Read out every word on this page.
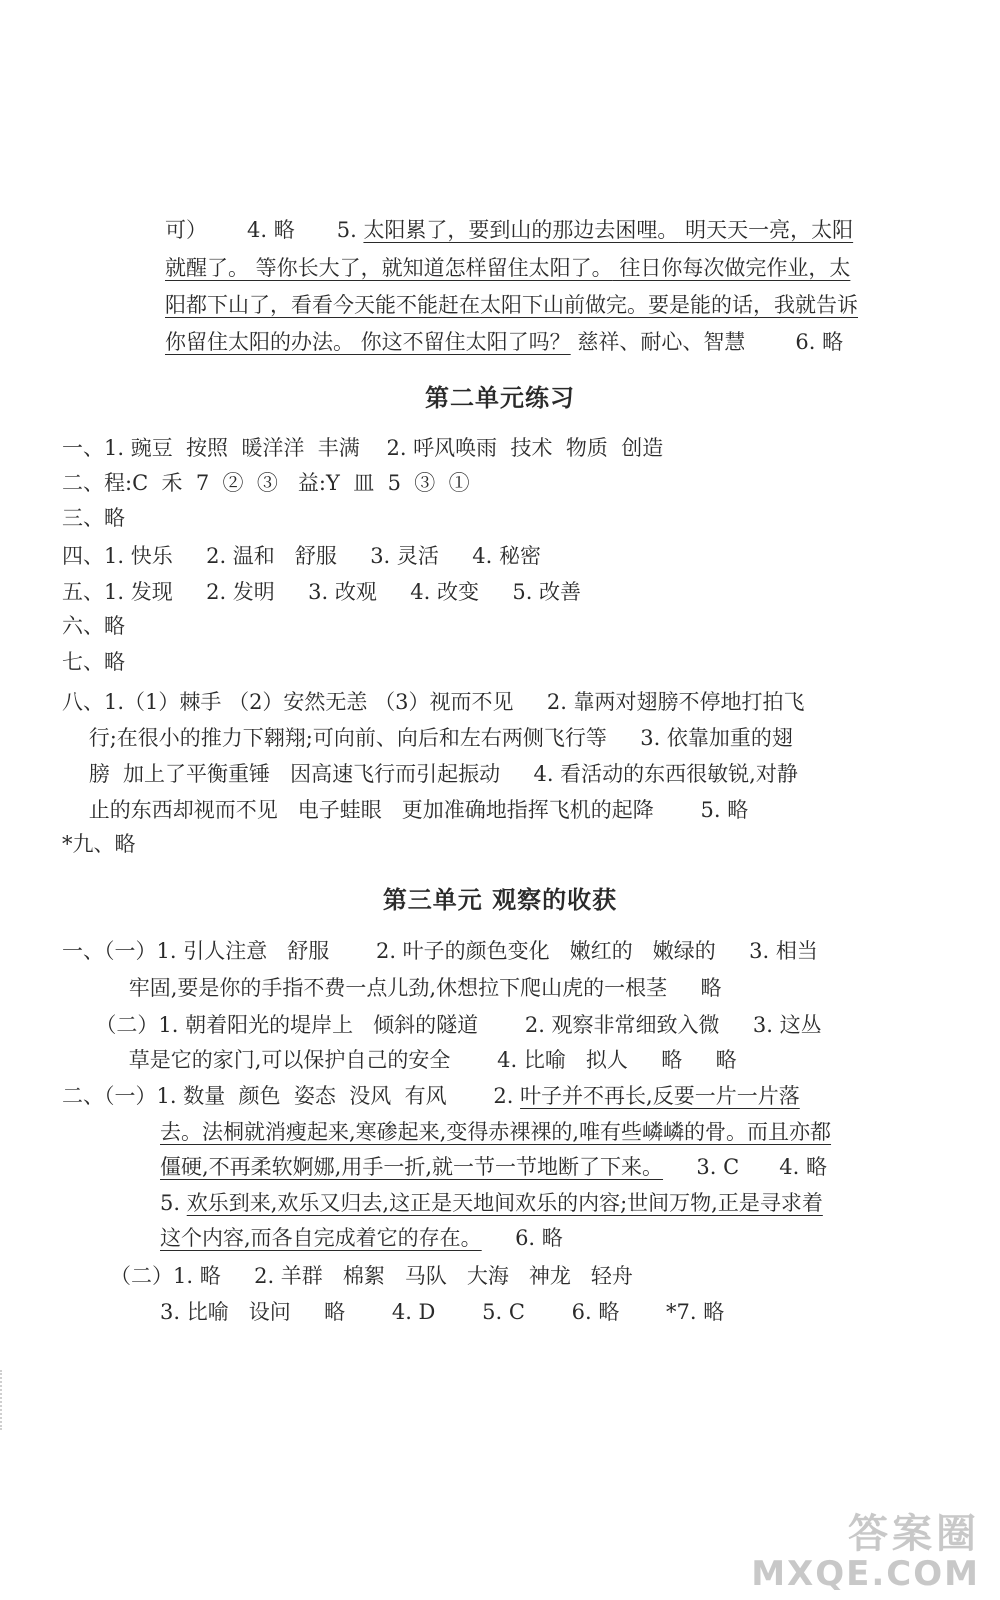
可） 4. 略 5. 太阳累了，要到山的那边去困哩。 明天天一亮，太阳
就醒了。 等你长大了，就知道怎样留住太阳了。 往日你每次做完作业，太
阳都下山了，看看今天能不能赶在太阳下山前做完。要是能的话，我就告诉
你留住太阳的办法。 你这不留住太阳了吗？ 慈祥、耐心、智慧 6. 略
第二单元练习
一、1. 豌豆  按照  暖洋洋  丰满    2. 呼风唤雨  技术  物质  创造
二、程:C  禾  7  ②  ③   益:Y  皿  5  ③  ①
三、略
四、1. 快乐     2. 温和   舒服     3. 灵活     4. 秘密
五、1. 发现     2. 发明     3. 改观     4. 改变     5. 改善
六、略
七、略
八、1.（1）棘手 （2）安然无恙 （3）视而不见     2. 靠两对翅膀不停地打拍飞
行;在很小的推力下翱翔;可向前、向后和左右两侧飞行等     3. 依靠加重的翅
膀  加上了平衡重锤   因高速飞行而引起振动     4. 看活动的东西很敏锐,对静
止的东西却视而不见   电子蛙眼   更加准确地指挥飞机的起降       5. 略
*九、略
第三单元 观察的收获
一、（一）1. 引人注意   舒服       2. 叶子的颜色变化   嫩红的   嫩绿的     3. 相当
牢固,要是你的手指不费一点儿劲,休想拉下爬山虎的一根茎     略
（二）1. 朝着阳光的堤岸上   倾斜的隧道       2. 观察非常细致入微     3. 这丛
草是它的家门,可以保护自己的安全       4. 比喻   拟人     略     略
二、（一）1. 数量  颜色  姿态  没风  有风       2. 叶子并不再长,反要一片一片落
去。法桐就消瘦起来,寒碜起来,变得赤裸裸的,唯有些嶙嶙的骨。而且亦都
僵硬,不再柔软婀娜,用手一折,就一节一节地断了下来。     3. C      4. 略
5. 欢乐到来,欢乐又归去,这正是天地间欢乐的内容;世间万物,正是寻求着
这个内容,而各自完成着它的存在。     6. 略
（二）1. 略     2. 羊群   棉絮   马队   大海   神龙   轻舟
3. 比喻   设问     略       4. D       5. C       6. 略       *7. 略
答案圈
MXQE.COM
